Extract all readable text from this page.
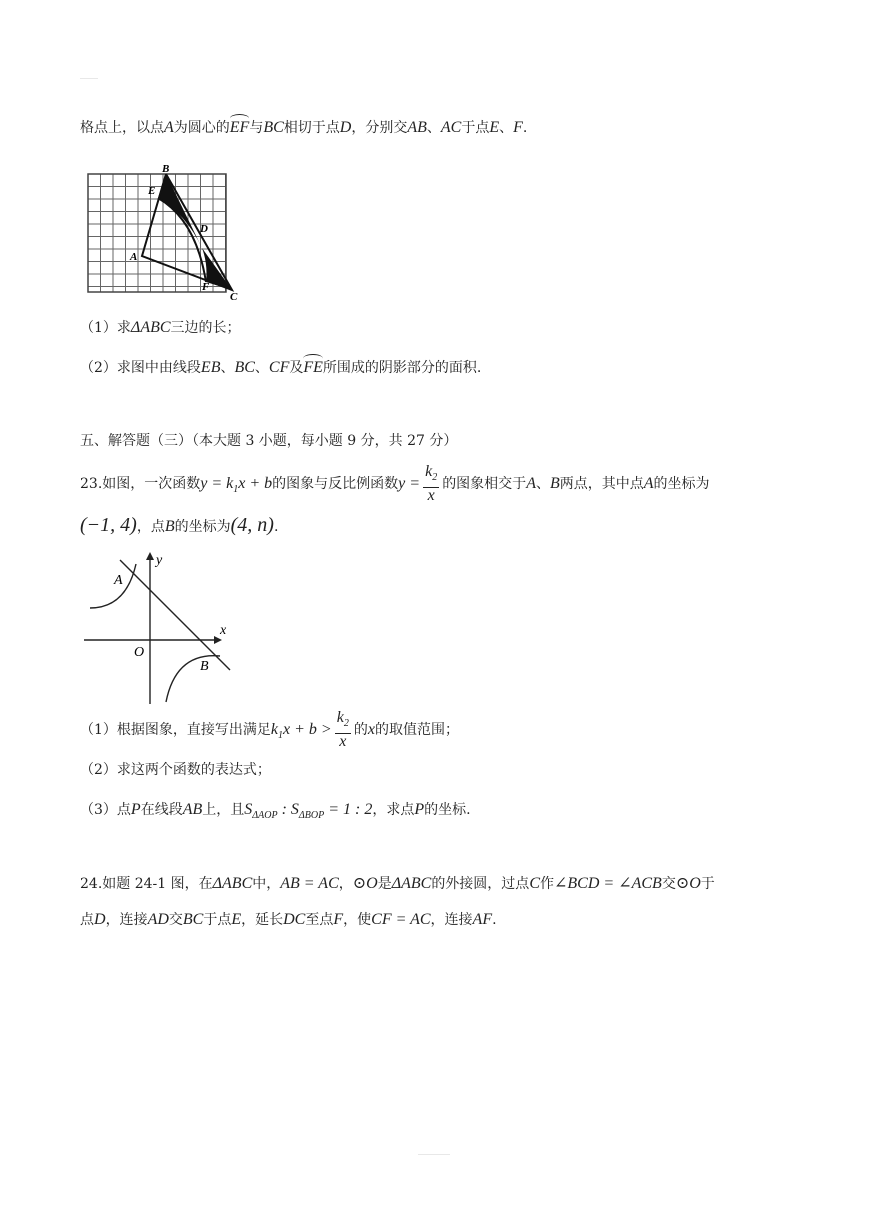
格点上，以点A为圆心的EF与BC相切于点D，分别交AB、AC于点E、F.
B
E
D
A
F
C
（1）求ΔABC三边的长；
（2）求图中由线段EB、BC、CF及FE所围成的阴影部分的面积.
五、解答题（三）（本大题 3 小题，每小题 9 分，共 27 分）
23.如图，一次函数$y = k_1x + b$的图象与反比例函数$y = \frac{k_2}{x}$ 的图象相交于A、B两点，其中点A的坐标为
(−1, 4)，点B的坐标为(4, n).
y
x
A
O
B
（1）根据图象，直接写出满足$k_1x + b > \frac{k_2}{x}$ 的x的取值范围；
（2）求这两个函数的表达式；
（3）点P在线段AB上，且$S_{\Delta AOP}$ : $S_{\Delta BOP} = 1$ : 2，求点P的坐标.
24.如题 24-1 图，在ΔABC中，AB = AC，⊙O是ΔABC的外接圆，过点C作∠BCD = ∠ACB交⊙O于
点D，连接AD交BC于点E，延长DC至点F，使CF = AC，连接AF.
